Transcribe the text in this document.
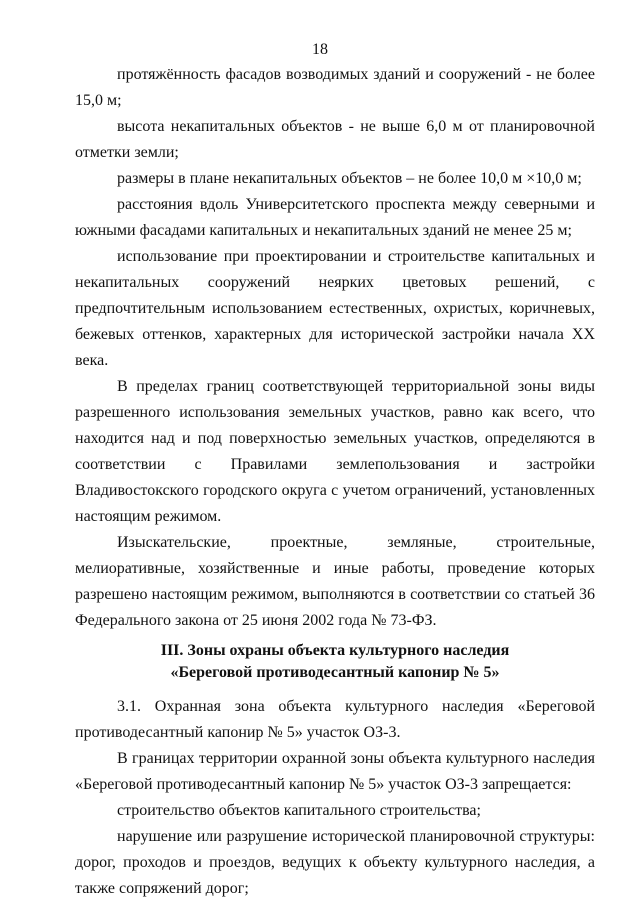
18

протяжённость фасадов возводимых зданий и сооружений - не более 15,0 м;

высота некапитальных объектов - не выше 6,0 м от планировочной отметки земли;

размеры в плане некапитальных объектов – не более 10,0 м ×10,0 м;

расстояния вдоль Университетского проспекта между северными и южными фасадами капитальных и некапитальных зданий не менее 25 м;

использование при проектировании и строительстве капитальных и некапитальных сооружений неярких цветовых решений, с предпочтительным использованием естественных, охристых, коричневых, бежевых оттенков, характерных для исторической застройки начала XX века.

В пределах границ соответствующей территориальной зоны виды разрешенного использования земельных участков, равно как всего, что находится над и под поверхностью земельных участков, определяются в соответствии с Правилами землепользования и застройки Владивостокского городского округа с учетом ограничений, установленных настоящим режимом.

Изыскательские, проектные, земляные, строительные, мелиоративные, хозяйственные и иные работы, проведение которых разрешено настоящим режимом, выполняются в соответствии со статьей 36 Федерального закона от 25 июня 2002 года № 73-ФЗ.

III. Зоны охраны объекта культурного наследия
«Береговой противодесантный капонир № 5»

3.1. Охранная зона объекта культурного наследия «Береговой противодесантный капонир № 5» участок ОЗ-3.

В границах территории охранной зоны объекта культурного наследия «Береговой противодесантный капонир № 5» участок ОЗ-3 запрещается:

строительство объектов капитального строительства;

нарушение или разрушение исторической планировочной структуры: дорог, проходов и проездов, ведущих к объекту культурного наследия, а также сопряжений дорог;
